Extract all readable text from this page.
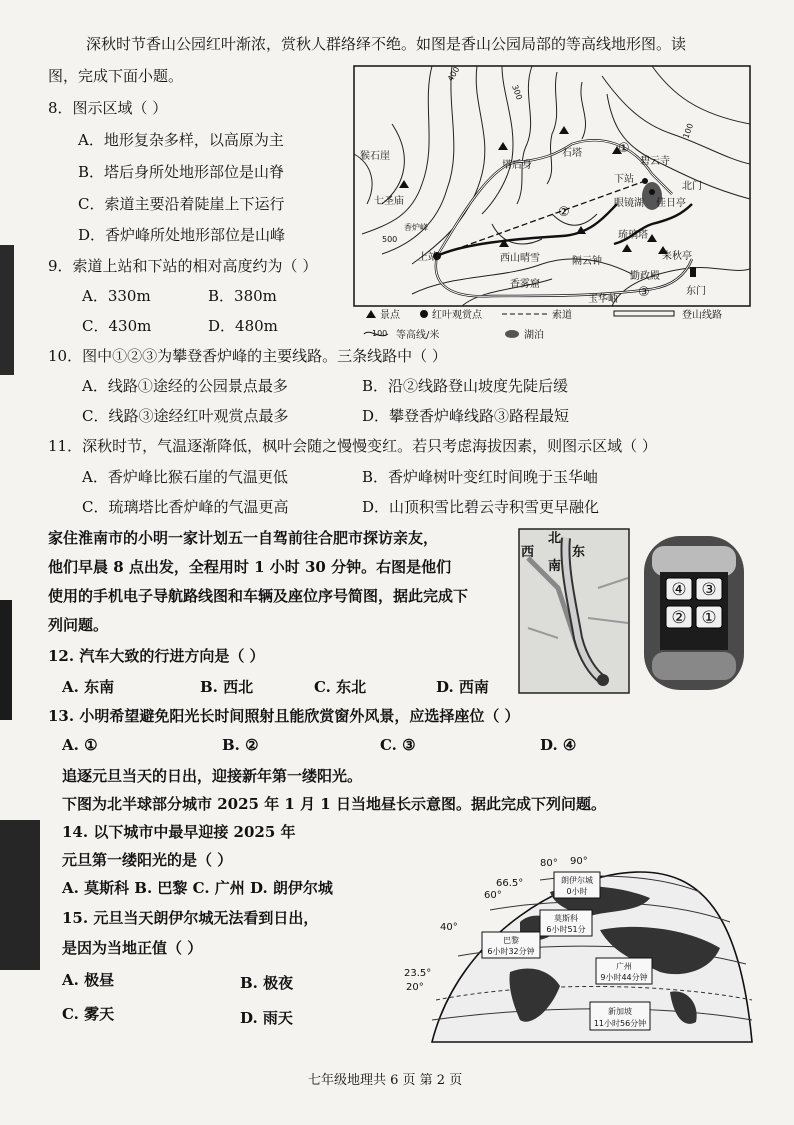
深秋时节香山公园红叶渐浓，赏秋人群络绎不绝。如图是香山公园局部的等高线地形图。读
图，完成下面小题。
8．图示区域（ ）
A．地形复杂多样，以高原为主
B．塔后身所处地形部位是山脊
C．索道主要沿着陡崖上下运行
D．香炉峰所处地形部位是山峰
9．索道上站和下站的相对高度约为（ ）
A．330m	B．380m
C．430m	D．480m
猴石崖	石塔
塔后身	碧云寺
七圣庙
香炉峰
上站
下站
北门
眼镜湖 佳日亭
琉璃塔
西山晴雪
香雾窟
隔云钟	来秋亭
勤政殿
东门
玉华岫
①
②
③
400
300
100
500
景点	红叶观赏点	索道	登山线路
100 等高线/米	湖泊
10．图中①②③为攀登香炉峰的主要线路。三条线路中（ ）
A．线路①途经的公园景点最多	B．沿②线路登山坡度先陡后缓
C．线路③途经红叶观赏点最多	D．攀登香炉峰线路③路程最短
11．深秋时节，气温逐渐降低，枫叶会随之慢慢变红。若只考虑海拔因素，则图示区域（ ）
A．香炉峰比猴石崖的气温更低	B．香炉峰树叶变红时间晚于玉华岫
C．琉璃塔比香炉峰的气温更高	D．山顶积雪比碧云寺积雪更早融化
家住淮南市的小明一家计划五一自驾前往合肥市探访亲友，
他们早晨 8 点出发，全程用时 1 小时 30 分钟。右图是他们
使用的手机电子导航路线图和车辆及座位序号简图，据此完成下
列问题。
北
西	东
南
④ ③
② ①
12. 汽车大致的行进方向是（ ）
A. 东南	B. 西北	C. 东北	D. 西南
13. 小明希望避免阳光长时间照射且能欣赏窗外风景，应选择座位（ ）
A. ①	B. ②	C. ③	D. ④
追逐元旦当天的日出，迎接新年第一缕阳光。
下图为北半球部分城市 2025 年 1 月 1 日当地昼长示意图。据此完成下列问题。
14. 以下城市中最早迎接 2025 年
元旦第一缕阳光的是（ ）
A. 莫斯科 B. 巴黎 C. 广州 D. 朗伊尔城
15. 元旦当天朗伊尔城无法看到日出，
是因为当地正值（ ）
A. 极昼	B. 极夜
C. 雾天	D. 雨天
80° 90°
66.5°
60°
40°
23.5°
20°
朗伊尔城
0小时
莫斯科
6小时51分
巴黎
6小时32分钟
广州
9小时44分钟
新加坡
11小时56分钟
七年级地理共 6 页 第 2 页
